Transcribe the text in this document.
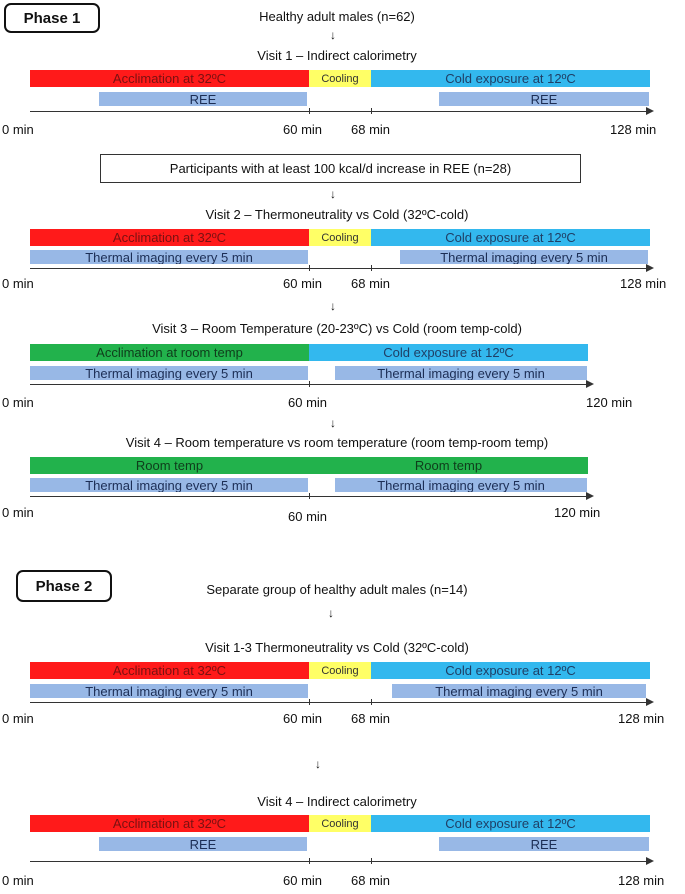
Phase 1	Healthy adult males (n=62)
↓
Visit 1 – Indirect calorimetry
Acclimation at 32ºC	Cooling	Cold exposure at 12ºC
REE	REE
0 min	60 min 68 min	128 min
Participants with at least 100 kcal/d increase in REE (n=28)
↓
Visit 2 – Thermoneutrality vs Cold (32ºC-cold)
Acclimation at 32ºC	Cooling	Cold exposure at 12ºC
Thermal imaging every 5 min	Thermal imaging every 5 min
0 min	60 min 68 min	128 min
↓
Visit 3 – Room Temperature (20-23ºC) vs Cold (room temp-cold)
Acclimation at room temp	Cold exposure at 12ºC
Thermal imaging every 5 min	Thermal imaging every 5 min
0 min	60 min	120 min
↓
Visit 4 – Room temperature vs room temperature (room temp-room temp)
Room temp	Room temp
Thermal imaging every 5 min	Thermal imaging every 5 min
0 min	60 min	120 min
Phase 2	Separate group of healthy adult males (n=14)
↓
Visit 1-3 Thermoneutrality vs Cold (32ºC-cold)
Acclimation at 32ºC	Cooling	Cold exposure at 12ºC
Thermal imaging every 5 min	Thermal imaging every 5 min
0 min	60 min 68 min	128 min
↓
Visit 4 – Indirect calorimetry
Acclimation at 32ºC	Cooling	Cold exposure at 12ºC
REE	REE
0 min	60 min 68 min	128 min
